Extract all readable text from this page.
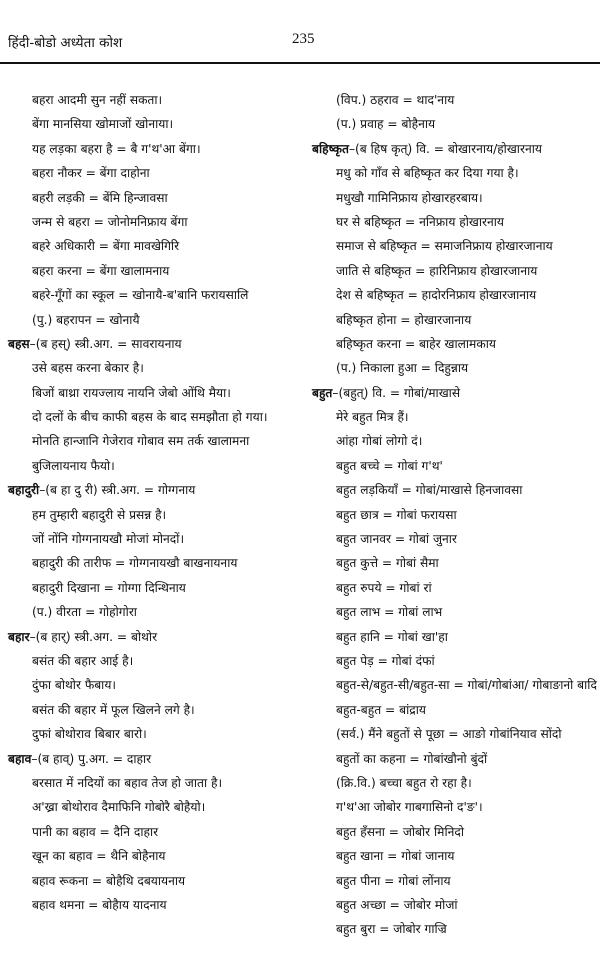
हिंदी-बोडो अध्येता कोश	235
बहरा आदमी सुन नहीं सकता।
बेंगा मानसिया खोमाजों खोनाया।
यह लड़का बहरा है = बै ग'थ'आ बेंगा।
बहरा नौकर = बेंगा दाहोना
बहरी लड़की = बेंमि हिन्जावसा
जन्म से बहरा = जोनोमनिफ्राय बेंगा
बहरे अधिकारी = बेंगा मावखेगिरि
बहरा करना = बेंगा खालामनाय
बहरे-गूँगों का स्कूल = खोनायै-ब'बानि फरायसालि
(पु.) बहरापन = खोनायै
बहस–(ब हस्) स्त्री.अग. = सावरायनाय
उसे बहस करना बेकार है।
बिजों बाथ्रा रायज्लाय नायनि जेबो ओंथि मैया।
दो दलों के बीच काफी बहस के बाद समझौता हो गया।
मोनति हान्जानि गेजेराव गोबाव सम तर्क खालामना बुजिलायनाय फैयो।
बहादुरी–(ब हा दु री) स्त्री.अग. = गोग्गनाय
हम तुम्हारी बहादुरी से प्रसन्न है।
जों नोंनि गोग्गनायखौ मोजां मोनदों।
बहादुरी की तारीफ = गोग्गनायखौ बाखनायनाय
बहादुरी दिखाना = गोग्गा दिन्थिनाय
(प.) वीरता = गोहोगोरा
बहार–(ब हार्) स्त्री.अग. = बोथोर
बसंत की बहार आई है।
दुंफा बोथोर फैबाय।
बसंत की बहार में फूल खिलने लगे है।
दुफां बोथोराव बिबार बारो।
बहाव–(ब हाव्) पु.अग. = दाहार
बरसात में नदियों का बहाव तेज हो जाता है।
अ'ख्रा बोथोराव दैमाफिनि गोबोरै बोहैयो।
पानी का बहाव = दैनि दाहार
खून का बहाव = थैनि बोहैनाय
बहाव रूकना = बोहैथि दबयायनाय
बहाव थमना = बोहैाय यादनाय
(विप.) ठहराव = थाद'नाय
(प.) प्रवाह = बोहैनाय
बहिष्कृत–(ब हिष कृत्) वि. = बोखारनाय/होखारनाय
मधु को गाँव से बहिष्कृत कर दिया गया है।
मधुखौ गामिनिफ्राय होखारहरबाय।
घर से बहिष्कृत = ननिफ्राय होखारनाय
समाज से बहिष्कृत = समाजनिफ्राय होखारजानाय
जाति से बहिष्कृत = हारिनिफ्राय होखारजानाय
देश से बहिष्कृत = हादोरनिफ्राय होखारजानाय
बहिष्कृत होना = होखारजानाय
बहिष्कृत करना = बाहेर खालामकाय
(प.) निकाला हुआ = दिहुन्नाय
बहुत–(बहुत्) वि. = गोबां/माखासे
मेरे बहुत मित्र हैं।
आंहा गोबां लोगो दं।
बहुत बच्चे = गोबां ग'थ'
बहुत लड़कियाँ = गोबां/माखासे हिनजावसा
बहुत छात्र = गोबां फरायसा
बहुत जानवर = गोबां जुनार
बहुत कुत्ते = गोबां सैमा
बहुत रुपये = गोबां रां
बहुत लाभ = गोबां लाभ
बहुत हानि = गोबां खा'हा
बहुत पेड़ = गोबां दंफां
बहुत-से/बहुत-सी/बहुत-सा = गोबां/गोबांआ/ गोबाङानो बादि
बहुत-बहुत = बांद्राय
(सर्व.) मैंने बहुतों से पूछा = आङो गोबांनियाव सोंदो
बहुतों का कहना = गोबांखौनो बुंदों
(क्रि.वि.) बच्चा बहुत रो रहा है।
ग'थ'आ जोबोर गाबगासिनो द'ङ'।
बहुत हँसना = जोबोर मिनिदो
बहुत खाना = गोबां जानाय
बहुत पीना = गोबां लोंनाय
बहुत अच्छा = जोबोर मोजां
बहुत बुरा = जोबोर गाज्रि
